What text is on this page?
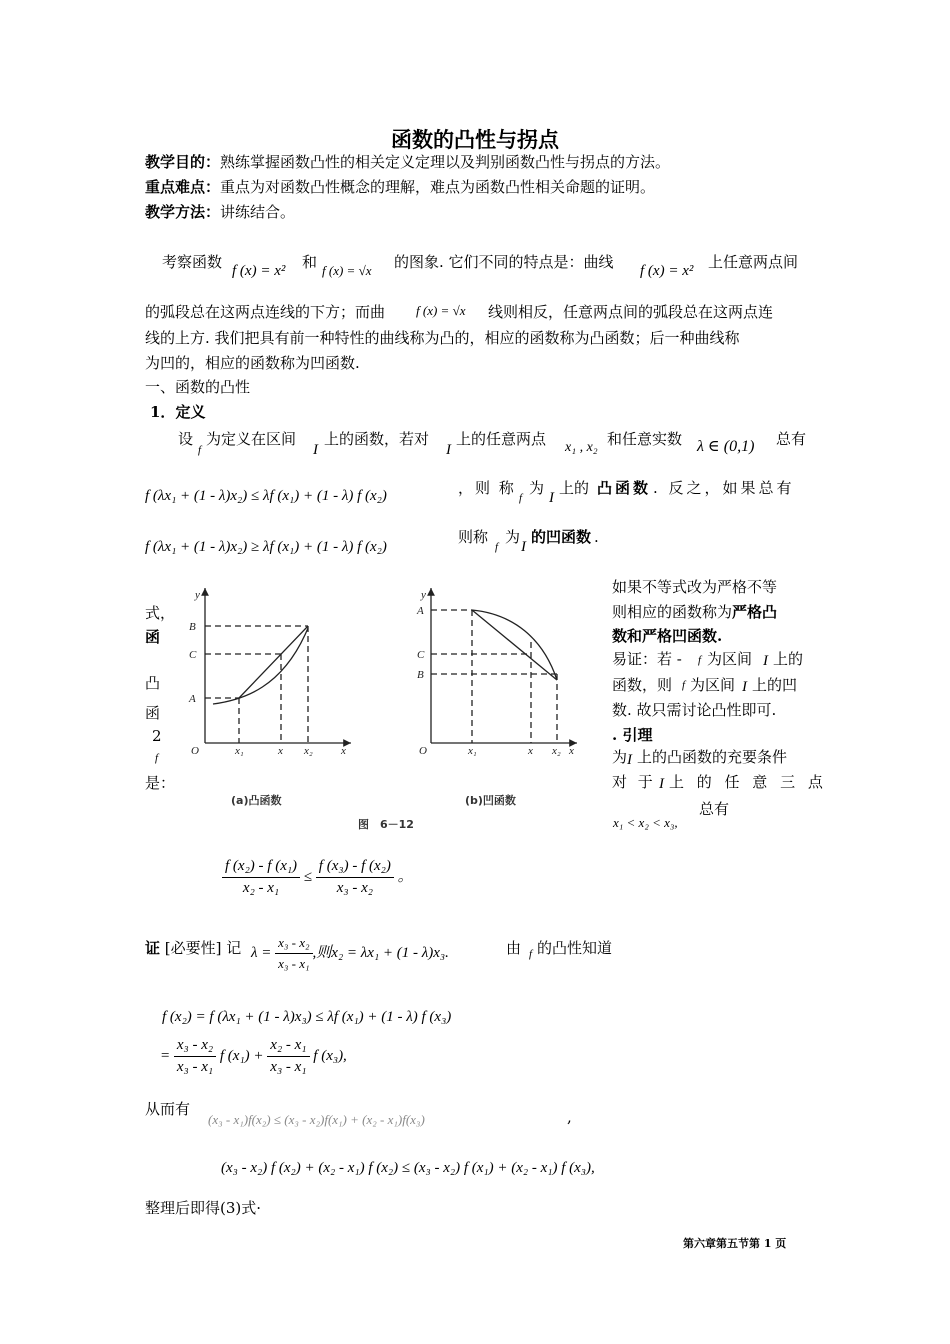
函数的凸性与拐点
教学目的：熟练掌握函数凸性的相关定义定理以及判别函数凸性与拐点的方法。
重点难点：重点为对函数凸性概念的理解，难点为函数凸性相关命题的证明。
教学方法：讲练结合。
考察函数 f (x) = x² 和 f (x) = √x 的图象. 它们不同的特点是：曲线 f (x) = x² 上任意两点间
的弧段总在这两点连线的下方；而曲 f (x) = √x 线则相反，任意两点间的弧段总在这两点连
线的上方. 我们把具有前一种特性的曲线称为凸的，相应的函数称为凸函数；后一种曲线称
为凹的，相应的函数称为凹函数.
一、函数的凸性
1．定义
设
f
为定义在区间
I
上的函数，若对
I
上的任意两点 x₁ , x₂ 和任意实数 λ ∈ (0,1) 总有
f (λx₁ + (1 - λ)x₂) ≤ λf (x₁) + (1 - λ) f (x₂)	，则 称
f
为
I
上的 凸函数 . 反之，如果总有
f (λx₁ + (1 - λ)x₂) ≥ λf (x₁) + (1 - λ) f (x₂)
则称
f
为
I
的凹函数 .
式，
函
凸
函
2
f
是：
y
B
C
A
O	x₁	x x₂	x
y
A
C
B
O	x₁	x x₂ x
(a)凸函数	(b)凹函数
图　6－12
如果不等式改为严格不等
则相应的函数称为严格凸
数和严格凹函数.
易证：若 - f 为区间 I 上的
函数，则 f 为区间 I 上的凹
数. 故只需讨论凸性即可.
. 引理
为 I 上的凸函数的充要条件
对 于 I 上 的 任 意 三 点
x₁ < x₂ < x₃,
总有
$\frac{\text{f (x₂) - f (x₁)}}{\text{x₂ - x₁}} \le \frac{\text{f (x₃) - f (x₂)}}{\text{x₃ - x₂}}$ 。
证 [必要性] 记 $\lambda = \frac{\text{x₃ - x₂}}{\text{x₃ - x₁}}$ ,则x₂ = λx₁ + (1 - λ)x₃.	由 f 的凸性知道
f (x₂) = f (λx₁ + (1 - λ)x₃) ≤ λf (x₁) + (1 - λ) f (x₃)
= $\frac{\text{x₃ - x₂}}{\text{x₃ - x₁}}$ f $(x_1) + \frac{\text{x₂ - x₁}}{\text{x₃ - x₁}}$ f (x₃),
从而有
(x₃ - x₁)f(x₂) ≤ (x₃ - x₂)f(x₁) + (x₂ - x₁)f(x₃)	,
(x₃ - x₂) f (x₂) + (x₂ - x₁) f (x₂) ≤ (x₃ - x₂) f (x₁) + (x₂ - x₁) f (x₃),
整理后即得(3)式·
第六章第五节第 1 页
